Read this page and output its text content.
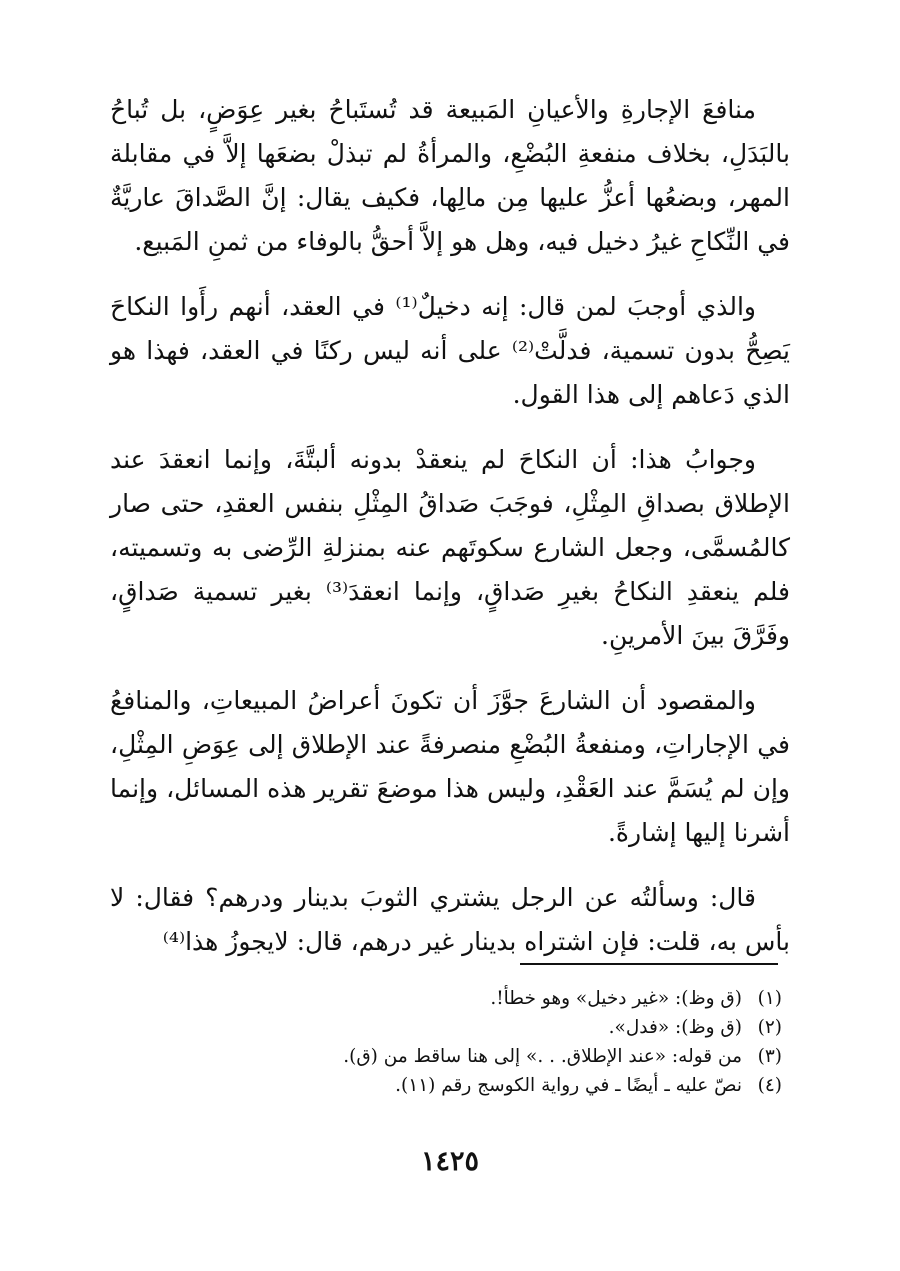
منافعَ الإجارةِ والأعيانِ المَبيعة قد تُستَباحُ بغير عِوَضٍ، بل تُباحُ بالبَدَلِ، بخلاف منفعةِ البُضْعِ، والمرأةُ لم تبذلْ بضعَها إلاَّ في مقابلة المهر، وبضعُها أعزُّ عليها مِن مالِها، فكيف يقال: إنَّ الصَّداقَ عاريَّةٌ في النِّكاحِ غيرُ دخيل فيه، وهل هو إلاَّ أحقُّ بالوفاء من ثمنِ المَبيع.

والذي أوجبَ لمن قال: إنه دخيلٌ⁽¹⁾ في العقد، أنهم رأَوا النكاحَ يَصِحُّ بدون تسمية، فدلَّتْ⁽²⁾ على أنه ليس ركنًا في العقد، فهذا هو الذي دَعاهم إلى هذا القول.

وجوابُ هذا: أن النكاحَ لم ينعقدْ بدونه ألبتَّةَ، وإنما انعقدَ عند الإطلاق بصداقِ المِثْلِ، فوجَبَ صَداقُ المِثْلِ بنفس العقدِ، حتى صار كالمُسمَّى، وجعل الشارع سكوتَهم عنه بمنزلةِ الرِّضى به وتسميته، فلم ينعقدِ النكاحُ بغيرِ صَداقٍ، وإنما انعقدَ⁽³⁾ بغير تسمية صَداقٍ، وفَرَّقَ بينَ الأمرينِ.

والمقصود أن الشارعَ جوَّزَ أن تكونَ أعراضُ المبيعاتِ، والمنافعُ في الإجاراتِ، ومنفعةُ البُضْعِ منصرفةً عند الإطلاق إلى عِوَضِ المِثْلِ، وإن لم يُسَمَّ عند العَقْدِ، وليس هذا موضعَ تقرير هذه المسائل، وإنما أشرنا إليها إشارةً.

قال: وسألتُه عن الرجل يشتري الثوبَ بدينار ودرهم؟ فقال: لا بأس به، قلت: فإن اشتراه بدينار غير درهم، قال: لايجوزُ هذا⁽⁴⁾

(١)
(ق وظ): «غير دخيل» وهو خطأ!.
(٢)
(ق وظ): «فدل».
(٣)
من قوله: «عند الإطلاق. . .» إلى هنا ساقط من (ق).
(٤)
نصّ عليه ـ أيضًا ـ في رواية الكوسج رقم (١١).
١٤٢٥
